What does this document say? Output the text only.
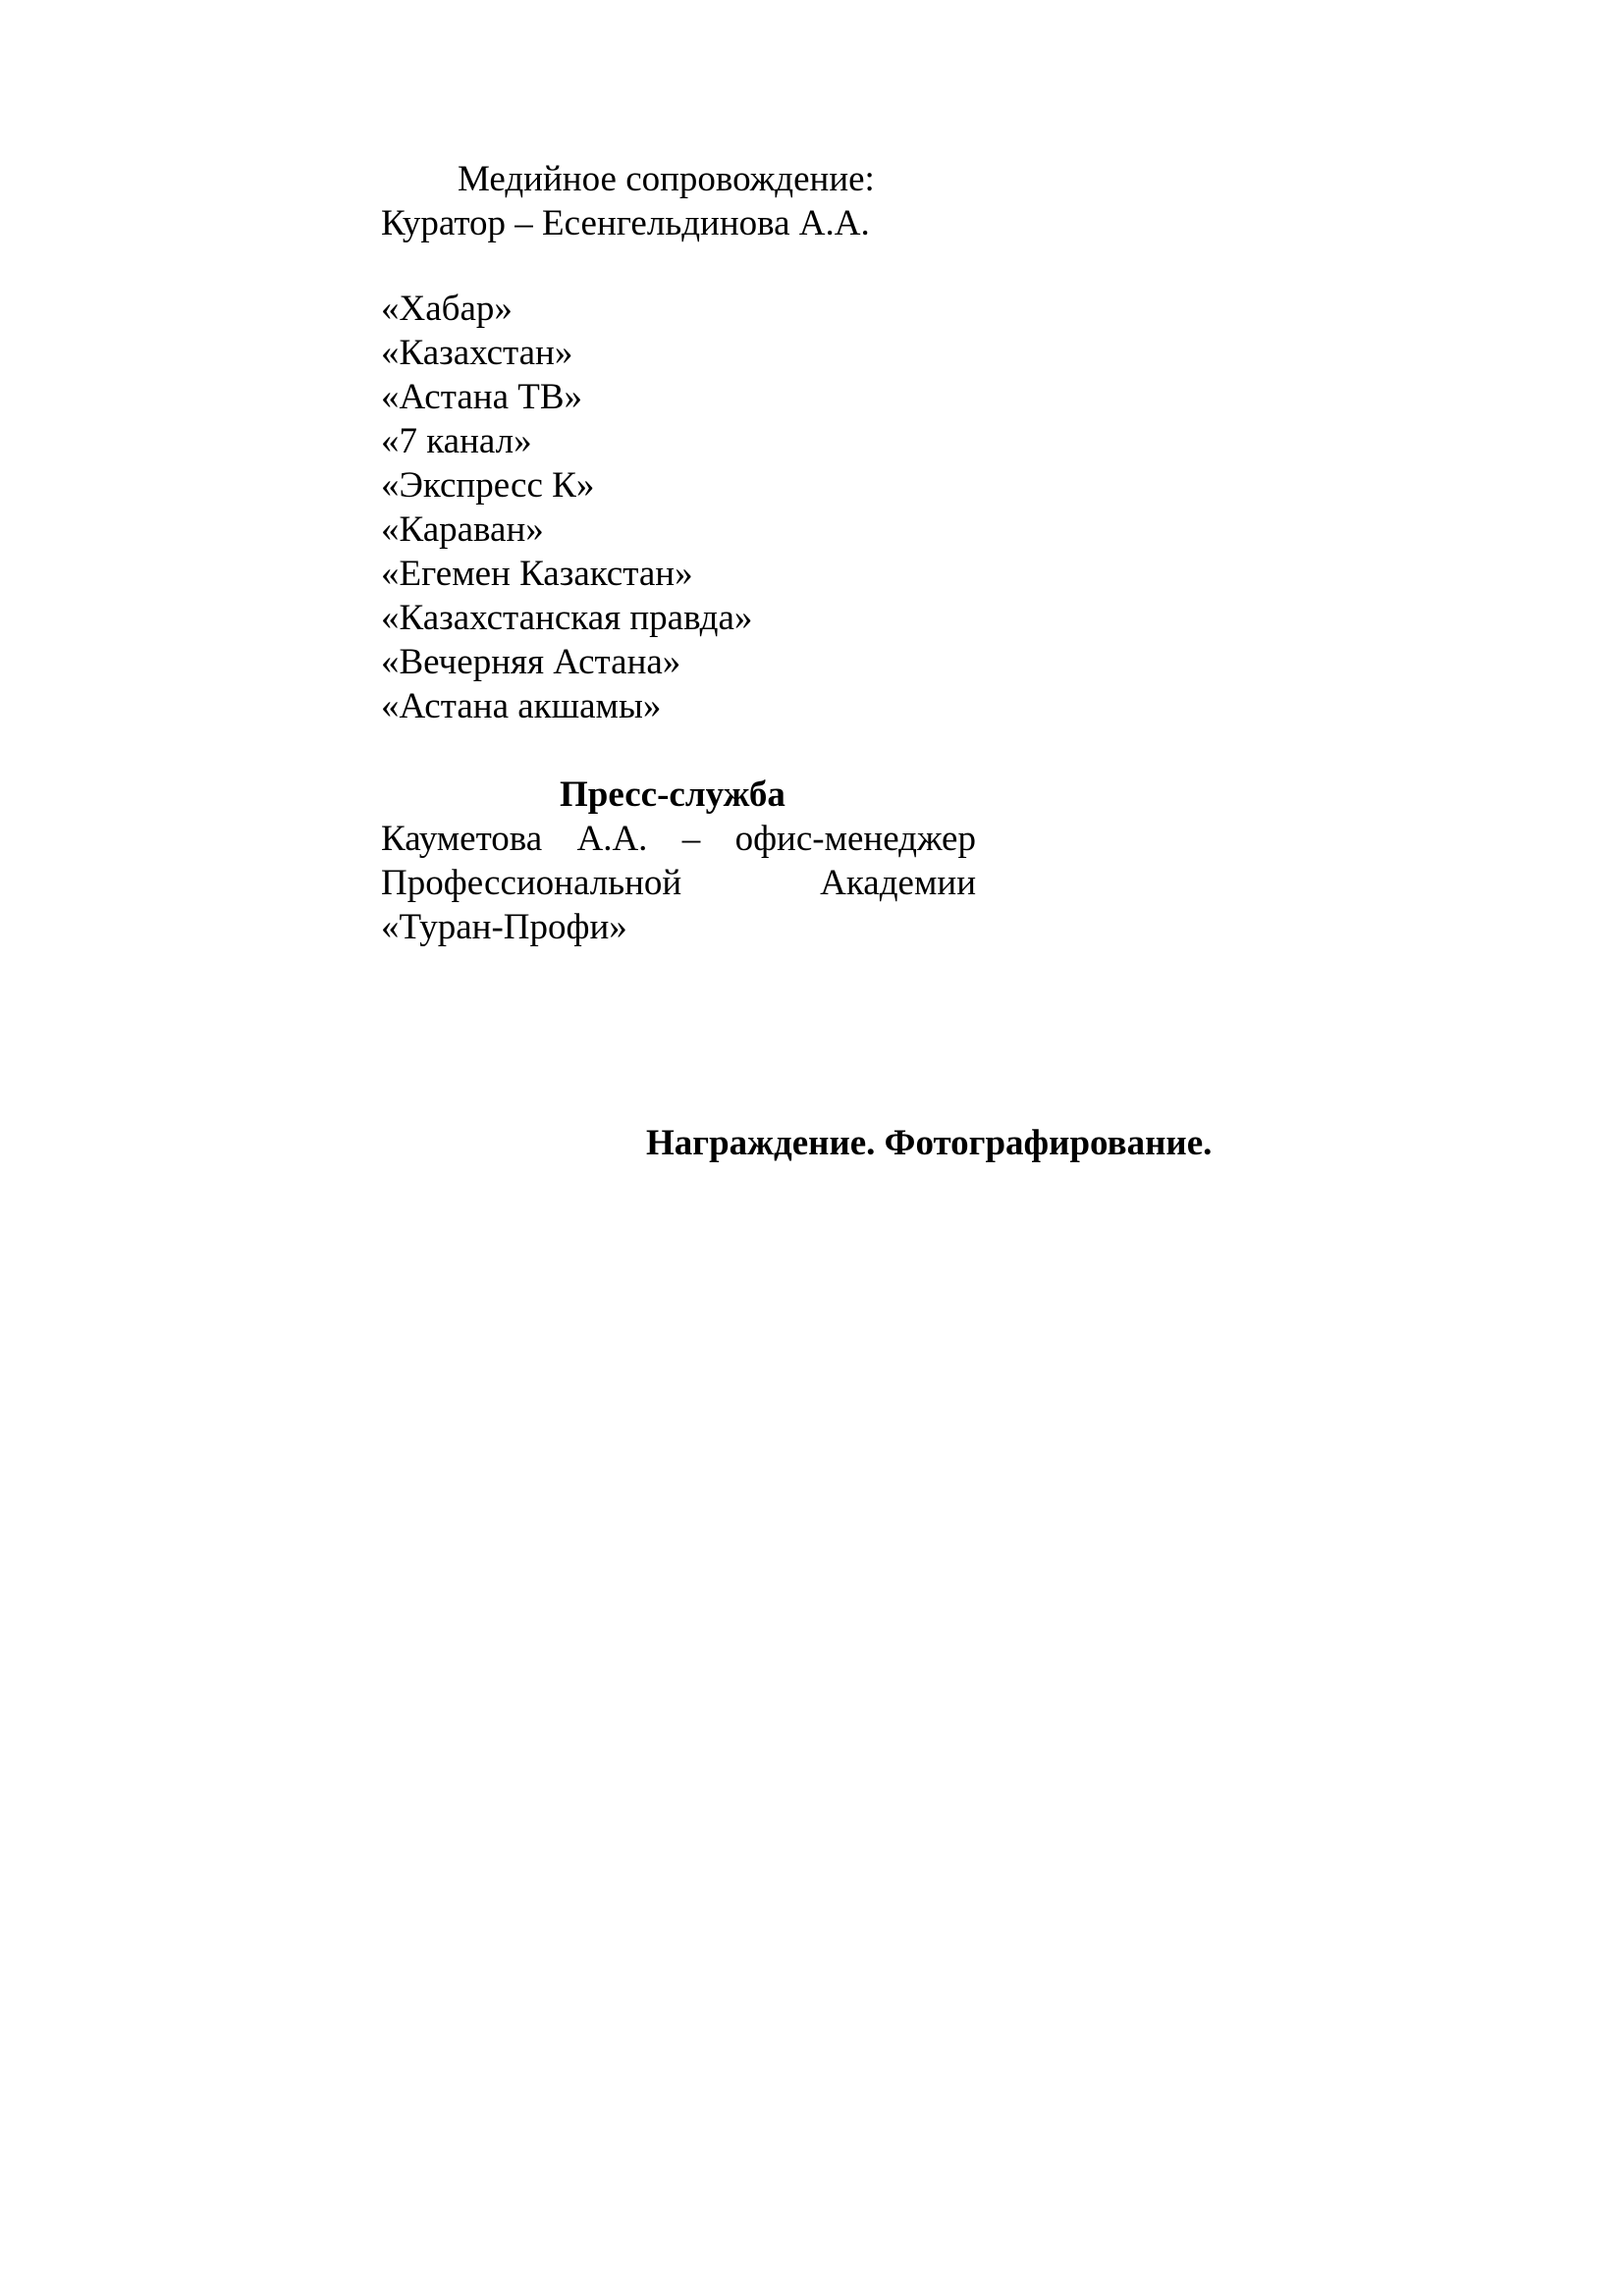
Медийное сопровождение:
Куратор – Есенгельдинова А.А.
«Хабар»
«Казахстан»
«Астана ТВ»
«7 канал»
«Экспресс К»
«Караван»
«Егемен Казакстан»
«Казахстанская правда»
«Вечерняя Астана»
«Астана акшамы»
Пресс-служба
Кауметова А.А. – офис-менеджер
Профессиональной	Академии
«Туран-Профи»
Награждение. Фотографирование.
